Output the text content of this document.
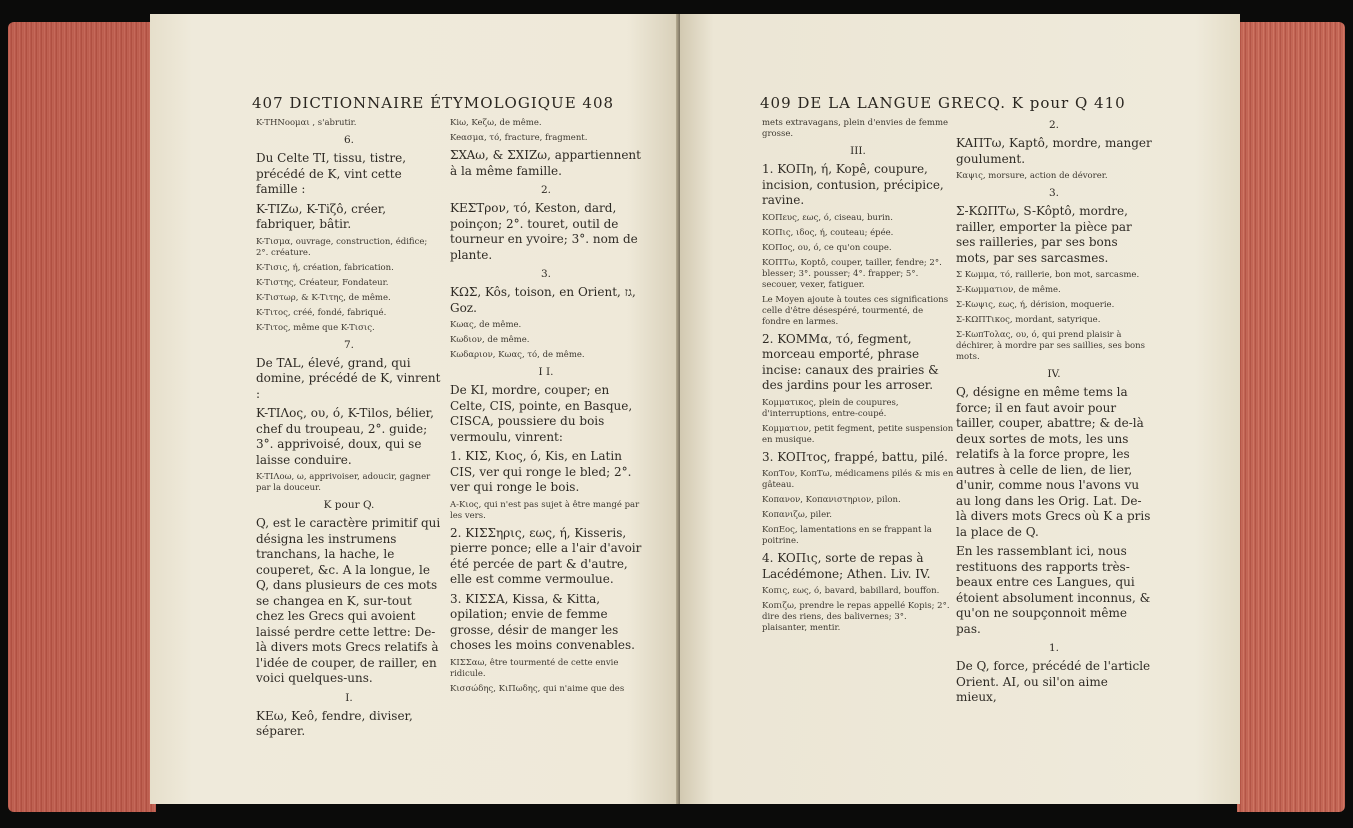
407 DICTIONNAIRE ÉTYMOLOGIQUE 408

K-THNοομαι , s'abrutir.

6.

Du Celte TI, tissu, tistre, précédé de K, vint cette famille :

K-TIZω, K-Tiζô, créer, fabriquer, bâtir.

K-Tισμα, ouvrage, construction, édifice; 2°. créature.

K-Tισις, ή, création, fabrication.

K-Tιστης, Créateur, Fondateur.

K-Tιστωρ, & K-Tιτης, de même.

K-Tιτος, créé, fondé, fabriqué.

K-Tιτος, même que K-Tισις.

7.

De TAL, élevé, grand, qui domine, précédé de K, vinrent :

K-TIΛος, ου, ό, K-Tilos, bélier, chef du troupeau, 2°. guide; 3°. apprivoisé, doux, qui se laisse conduire.

K-TIΛοω, ω, apprivoiser, adoucir, gagner par la douceur.

K pour Q.

Q, est le caractère primitif qui désigna les instrumens tranchans, la hache, le couperet, &c. A la longue, le Q, dans plusieurs de ces mots se changea en K, sur-tout chez les Grecs qui avoient laissé perdre cette lettre: De-là divers mots Grecs relatifs à l'idée de couper, de railler, en voici quelques-uns.

I.

KEω, Keô, fendre, diviser, séparer.

Kiω, Keζω, de même.

Keασμα, τό, fracture, fragment.

ΣXAω, & ΣXIZω, appartiennent à la même famille.

2.

KEΣTρον, τό, Keston, dard, poinçon; 2°. touret, outil de tourneur en yvoire; 3°. nom de plante.

3.

KΩΣ, Kôs, toison, en Orient, גז, Goz.

Kωας, de même.

Kωδιον, de même.

Kωδαριον, Kωας, τό, de même.

I I.

De KI, mordre, couper; en Celte, CIS, pointe, en Basque, CISCA, poussiere du bois vermoulu, vinrent:

1. KIΣ, Kιος, ό, Kis, en Latin CIS, ver qui ronge le bled; 2°. ver qui ronge le bois.

A-Kιος, qui n'est pas sujet à être mangé par les vers.

2. KIΣΣηρις, εως, ή, Kisseris, pierre ponce; elle a l'air d'avoir été percée de part & d'autre, elle est comme vermoulue.

3. KIΣΣA, Kissa, & Kitta, opilation; envie de femme grosse, désir de manger les choses les moins convenables.

KIΣΣαω, être tourmenté de cette envie ridicule.

Kισσώδης, KιΠωδης, qui n'aime que des

409 DE LA LANGUE GRECQ. K pour Q 410

mets extravagans, plein d'envies de femme grosse.

III.

1. KOΠη, ή, Kopê, coupure, incision, contusion, précipice, ravine.

KOΠευς, εως, ό, ciseau, burin.

KOΠις, ιδος, ή, couteau; épée.

KOΠος, ου, ό, ce qu'on coupe.

KOΠTω, Koptô, couper, tailler, fendre; 2°. blesser; 3°. pousser; 4°. frapper; 5°. secouer, vexer, fatiguer.

Le Moyen ajoute à toutes ces significations celle d'être désespéré, tourmenté, de fondre en larmes.

2. KOMMα, τό, fegment, morceau emporté, phrase incise: canaux des prairies & des jardins pour les arroser.

Kομματικος, plein de coupures, d'interruptions, entre-coupé.

Kομματιον, petit fegment, petite suspension en musique.

3. KOΠτος, frappé, battu, pilé.

KoπΤον, KoπΤω, médicamens pilés & mis en gâteau.

Kοπανον, Kοπανιστηριον, pilon.

Kοπανιζω, piler.

KoπΕος, lamentations en se frappant la poitrine.

4. KOΠις, sorte de repas à Lacédémone; Athen. Liv. IV.

Kοπις, εως, ό, bavard, babillard, bouffon.

Kοπιζω, prendre le repas appellé Kopis; 2°. dire des riens, des balivernes; 3°. plaisanter, mentir.

2.

KAΠΤω, Kaptô, mordre, manger goulument.

Kαψις, morsure, action de dévorer.

3.

Σ-KΩΠΤω, S-Kôptô, mordre, railler, emporter la pièce par ses railleries, par ses bons mots, par ses sarcasmes.

Σ Kωμμα, τό, raillerie, bon mot, sarcasme.

Σ-Kωμματιον, de même.

Σ-Kωψις, εως, ή, dérision, moquerie.

Σ-KΩΠΤικος, mordant, satyrique.

Σ-KωπΤολας, ου, ό, qui prend plaisir à déchirer, à mordre par ses saillies, ses bons mots.

IV.

Q, désigne en même tems la force; il en faut avoir pour tailler, couper, abattre; & de-là deux sortes de mots, les uns relatifs à la force propre, les autres à celle de lien, de lier, d'unir, comme nous l'avons vu au long dans les Orig. Lat. De-là divers mots Grecs où K a pris la place de Q.

En les rassemblant ici, nous restituons des rapports très-beaux entre ces Langues, qui étoient absolument inconnus, & qu'on ne soupçonnoit même pas.

1.

De Q, force, précédé de l'article Orient. AI, ou sil'on aime mieux,
